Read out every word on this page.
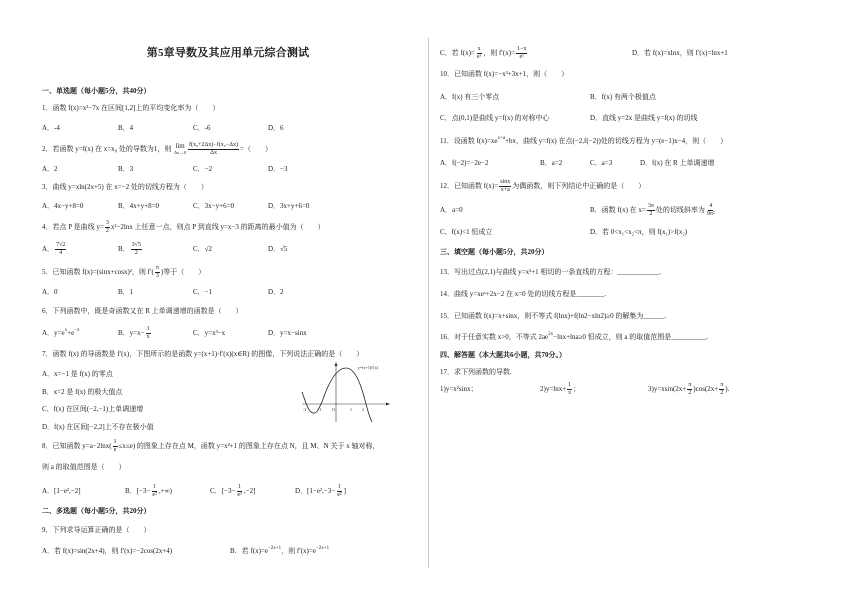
第5章导数及其应用单元综合测试
一、单选题（每小题5分，共40分）
1．函数 f(x)=x²−7x 在区间[1,2]上的平均变化率为（　　）
A．-4	B．4	C．-6	D．6
2．若函数 y=f(x) 在 x=x₀ 处的导数为1，则 lim
$\Delta x\to 0 \frac{\text{f(x₀+2Δx)−f(x₀−Δx)}}{\Delta x}$ =（　　）
A．2	B．3	C．−2	D．−3
3．曲线 y=xln(2x+5) 在 x=−2 处的切线方程为（　　）
A．4x−y+8=0	B．4x+y+8=0	C．3x−y+6=0	D．3x+y+6=0
4．若点 P 是曲线 $y= \frac{3}{2} x^2-2\ln x$ 上任意一点，则点 P 到直线 y=x−3 的距离的最小值为（　　）
A． $\frac{7√2}{4}$	B． $\frac{3√5}{2}$	C．√2	D．√5
5．已知函数 f(x)=(sinx+cosx)²，则 $f'( \frac{\pi}{3}$ )等于（　　）
A．0	B．1	C．−1	D．2
6．下列函数中，既是奇函数又在 R 上单调递增的函数是（　　）
A．y=e x +e −x	B．$y=x- \frac{1}{x}$	C．y=x³−x	D．y=x−sinx
7．函数 f(x) 的导函数是 f′(x)，下图所示的是函数 y=(x+1)·f′(x)(x∈R) 的图像，下列说法正确的是（　　）
A．x=−1 是 f(x) 的零点
B．x=2 是 f(x) 的极大值点
C．f(x) 在区间(−2,−1)上单调递增
D．f(x) 在区间[−2,2]上不存在极小值
y=(x+1)f′(x)
-2	-1	O	1	2
8．已知函数 $y=a-2\ln x( \frac{1}{e} \le x\le e)$ 的图象上存在点 M，函数 y=x²+1 的图象上存在点 N，且 M、N 关于 x 轴对称，
则 a 的取值范围是（　　）
A．[1−e²,−2]	B．[$-3- \frac{1}{\text{e²}}$ ,+∞)	C．$[-3- \frac{1}{\text{e²}} ,-2]$	D．[$1-e^2,-3- \frac{1}{\text{e²}}$ ]
二、多选题（每小题5分，共20分）
9．下列求导运算正确的是（　　）
A．若 f(x)=sin(2x+4)，则 f′(x)=−2cos(2x+4)	B．若 f(x)=e −2x+1 ，则 f′(x)=e −2x+1
C．若 $f(x)= \frac{x}{\text{eˣ}}$ ，则 $f'(x)= \frac{1-x}{\text{eˣ}}$	D．若 f(x)=xlnx，则 f′(x)=lnx+1
10．已知函数 f(x)=−x³+3x+1，则（　　）
A．f(x) 有三个零点	B．f(x) 有两个极值点
C．点(0,1)是曲线 y=f(x) 的对称中心	D．直线 y=2x 是曲线 y=f(x) 的切线
11．设函数 f(x)=xe x+a +bx，曲线 y=f(x) 在点(−2,f(−2))处的切线方程为 y=(e−1)x−4，则（　　）
A．f(−2)=−2e−2	B．a=2	C．a=3	D．f(x) 在 R 上单调递增
12．已知函数 $f(x)= \frac{\sin x}{x+a}$ 为偶函数，则下列结论中正确的是（　　）
A．a=0	B．函数 f(x) 在 $x= \frac{3\pi}{2}$ 处的切线斜率为 $\frac{4}{\text{9π²}}$
C．f(x)<1 恒成立	D．若 0<x₁<x₂<π，则 f(x₁)>f(x₂)
三、填空题（每小题5分，共20分）
13．写出过点(2,1)与曲线 y=x³+1 相切的一条直线的方程：____________.
14．曲线 y=xeˣ+2x−2 在 x=0 处的切线方程是________.
15．已知函数 f(x)=x+sinx，则不等式 f(lnx)+f(ln2−xln2)≥0 的解集为______.
16．对于任意实数 x>0，不等式 2ae 2x −lnx+lna≥0 恒成立，则 a 的取值范围是__________.
四、解答题（本大题共6小题，共70分。）
17．求下列函数的导数.
1)y=x²sinx；	$2)y=\ln x+ \frac{1}{x}$ ；	$3)y=xsin(2x+ \frac{\pi}{2} )\cos(2x+ \frac{\pi}{2}$ ).
